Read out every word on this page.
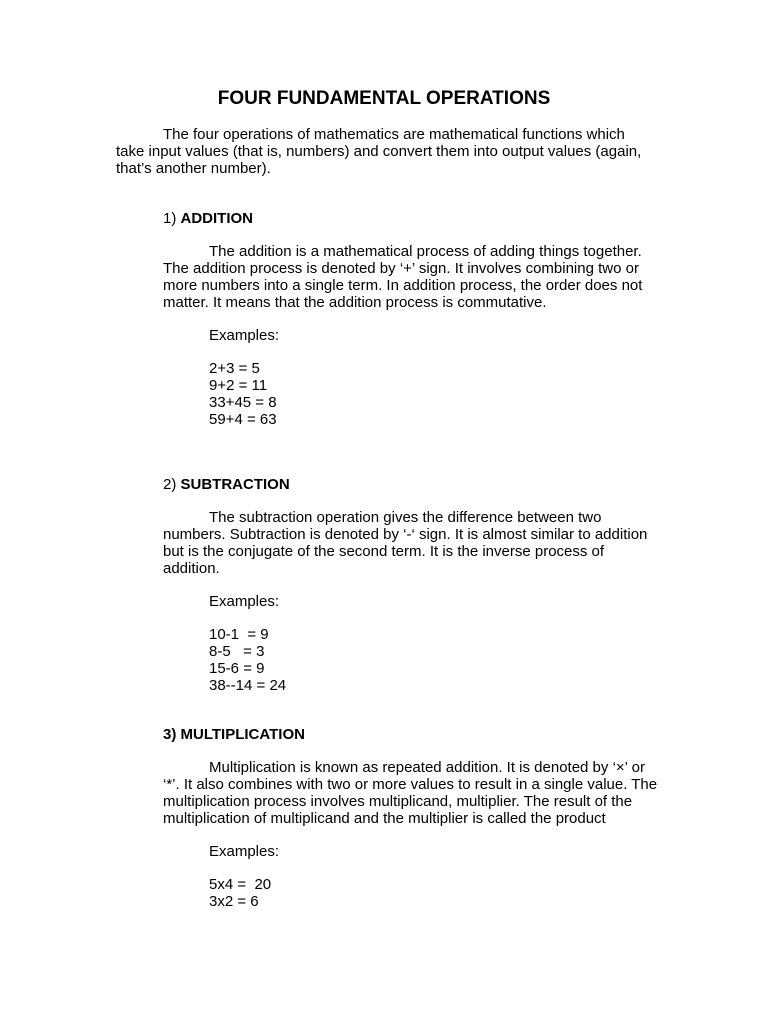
FOUR FUNDAMENTAL OPERATIONS

The four operations of mathematics are mathematical functions which take input values (that is, numbers) and convert them into output values (again, that’s another number).

1) ADDITION

The addition is a mathematical process of adding things together. The addition process is denoted by ‘+’ sign. It involves combining two or more numbers into a single term. In addition process, the order does not matter. It means that the addition process is commutative.

Examples:

2+3 = 5
9+2 = 11
33+45 = 8
59+4 = 63

2) SUBTRACTION

The subtraction operation gives the difference between two numbers. Subtraction is denoted by ‘-‘ sign. It is almost similar to addition but is the conjugate of the second term. It is the inverse process of addition.

Examples:

10-1  = 9
8-5   = 3
15-6 = 9
38--14 = 24

3) MULTIPLICATION

Multiplication is known as repeated addition. It is denoted by ‘×’ or ‘*’. It also combines with two or more values to result in a single value. The multiplication process involves multiplicand, multiplier. The result of the multiplication of multiplicand and the multiplier is called the product

Examples:

5x4 =  20
3x2 = 6
